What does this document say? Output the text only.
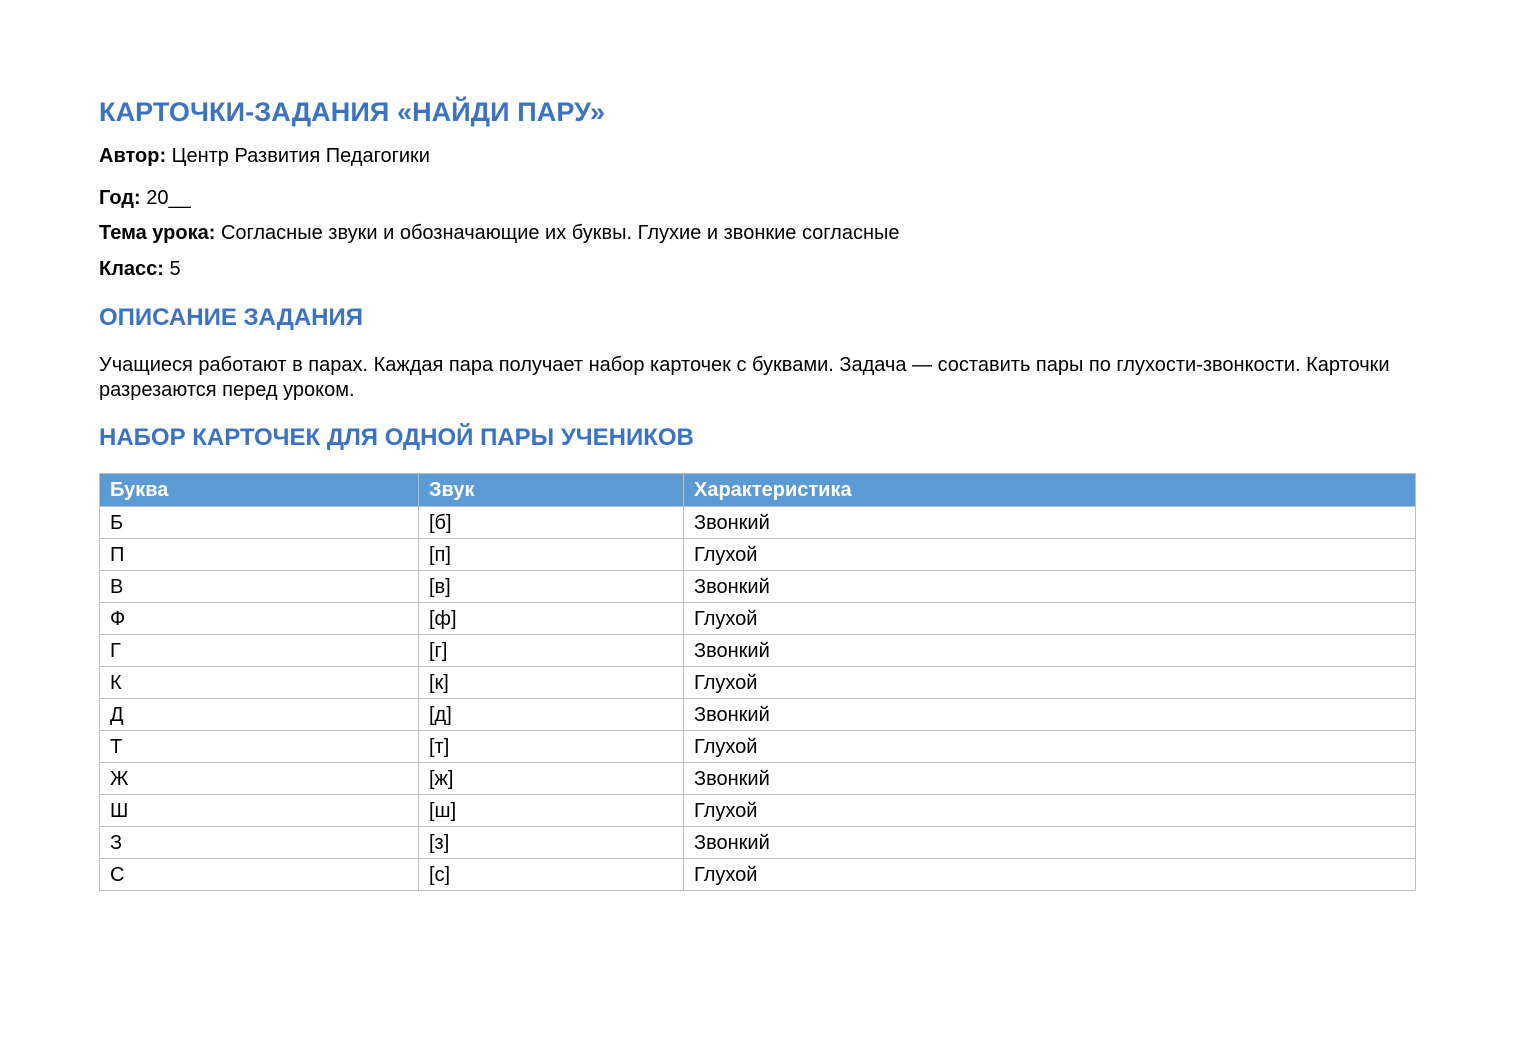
КАРТОЧКИ-ЗАДАНИЯ «НАЙДИ ПАРУ»

Автор: Центр Развития Педагогики

Год: 20__

Тема урока: Согласные звуки и обозначающие их буквы. Глухие и звонкие согласные

Класс: 5

ОПИСАНИЕ ЗАДАНИЯ

Учащиеся работают в парах. Каждая пара получает набор карточек с буквами. Задача — составить пары по глухости-звонкости. Карточки разрезаются перед уроком.

НАБОР КАРТОЧЕК ДЛЯ ОДНОЙ ПАРЫ УЧЕНИКОВ
Буква	Звук	Характеристика
Б	[б]	Звонкий
П	[п]	Глухой
В	[в]	Звонкий
Ф	[ф]	Глухой
Г	[г]	Звонкий
К	[к]	Глухой
Д	[д]	Звонкий
Т	[т]	Глухой
Ж	[ж]	Звонкий
Ш	[ш]	Глухой
З	[з]	Звонкий
С	[с]	Глухой
